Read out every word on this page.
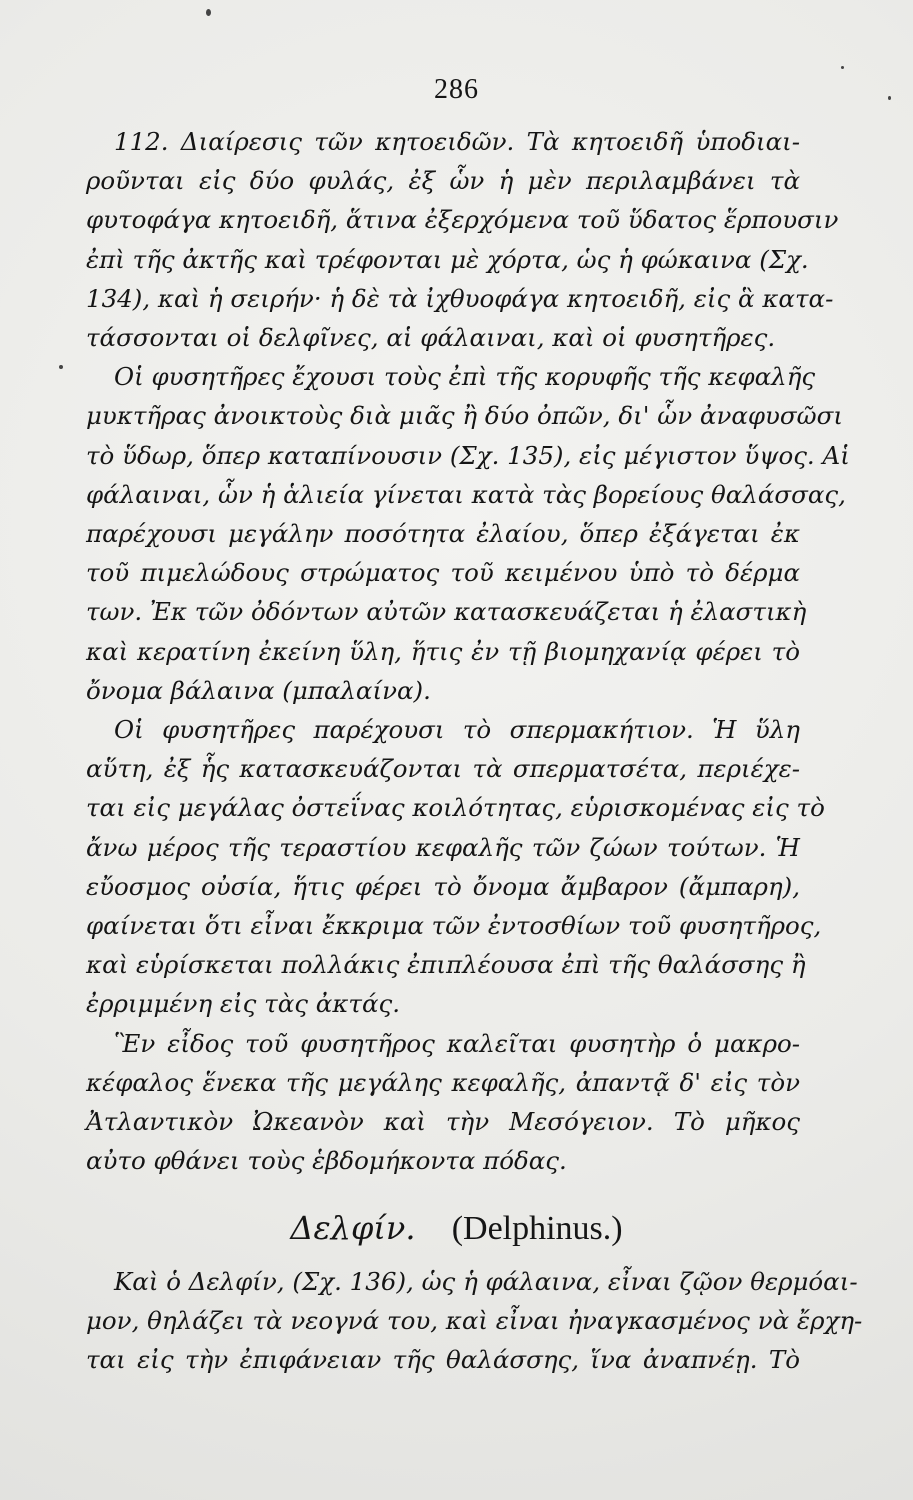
286
112. Διαίρεσις τῶν κητοειδῶν. Τὰ κητοειδῆ ὑποδιαι-
ροῦνται εἰς δύο φυλάς, ἐξ ὧν ἡ μὲν περιλαμβάνει τὰ
φυτοφάγα κητοειδῆ, ἅτινα ἐξερχόμενα τοῦ ὕδατος ἕρπουσιν
ἐπὶ τῆς ἀκτῆς καὶ τρέφονται μὲ χόρτα, ὡς ἡ φώκαινα (Σχ.
134), καὶ ἡ σειρήν· ἡ δὲ τὰ ἰχθυοφάγα κητοειδῆ, εἰς ἃ κατα-
τάσσονται οἱ δελφῖνες, αἱ φάλαιναι, καὶ οἱ φυσητῆρες.
Οἱ φυσητῆρες ἔχουσι τοὺς ἐπὶ τῆς κορυφῆς τῆς κεφαλῆς
μυκτῆρας ἀνοικτοὺς διὰ μιᾶς ἢ δύο ὀπῶν, δι' ὧν ἀναφυσῶσι
τὸ ὕδωρ, ὅπερ καταπίνουσιν (Σχ. 135), εἰς μέγιστον ὕψος. Αἱ
φάλαιναι, ὧν ἡ ἁλιεία γίνεται κατὰ τὰς βορείους θαλάσσας,
παρέχουσι μεγάλην ποσότητα ἐλαίου, ὅπερ ἐξάγεται ἐκ
τοῦ πιμελώδους στρώματος τοῦ κειμένου ὑπὸ τὸ δέρμα
των. Ἐκ τῶν ὀδόντων αὐτῶν κατασκευάζεται ἡ ἐλαστικὴ
καὶ κερατίνη ἐκείνη ὕλη, ἥτις ἐν τῇ βιομηχανίᾳ φέρει τὸ
ὄνομα βάλαινα (μπαλαίνα).
Οἱ φυσητῆρες παρέχουσι τὸ σπερμακήτιον. Ἡ ὕλη
αὕτη, ἐξ ἧς κατασκευάζονται τὰ σπερματσέτα, περιέχε-
ται εἰς μεγάλας ὀστεΐνας κοιλότητας, εὑρισκομένας εἰς τὸ
ἄνω μέρος τῆς τεραστίου κεφαλῆς τῶν ζώων τούτων. Ἡ
εὔοσμος οὐσία, ἥτις φέρει τὸ ὄνομα ἄμβαρον (ἄμπαρη),
φαίνεται ὅτι εἶναι ἔκκριμα τῶν ἐντοσθίων τοῦ φυσητῆρος,
καὶ εὑρίσκεται πολλάκις ἐπιπλέουσα ἐπὶ τῆς θαλάσσης ἢ
ἐρριμμένη εἰς τὰς ἀκτάς.
Ἓν εἶδος τοῦ φυσητῆρος καλεῖται φυσητὴρ ὁ μακρο-
κέφαλος ἕνεκα τῆς μεγάλης κεφαλῆς, ἀπαντᾷ δ' εἰς τὸν
Ἀτλαντικὸν Ὠκεανὸν καὶ τὴν Μεσόγειον. Τὸ μῆκος
αὐτο φθάνει τοὺς ἑβδομήκοντα πόδας.
Δελφίν. (Delphinus.)
Καὶ ὁ Δελφίν, (Σχ. 136), ὡς ἡ φάλαινα, εἶναι ζῷον θερμόαι-
μον, θηλάζει τὰ νεογνά του, καὶ εἶναι ἠναγκασμένος νὰ ἔρχη-
ται εἰς τὴν ἐπιφάνειαν τῆς θαλάσσης, ἵνα ἀναπνέῃ. Τὸ
